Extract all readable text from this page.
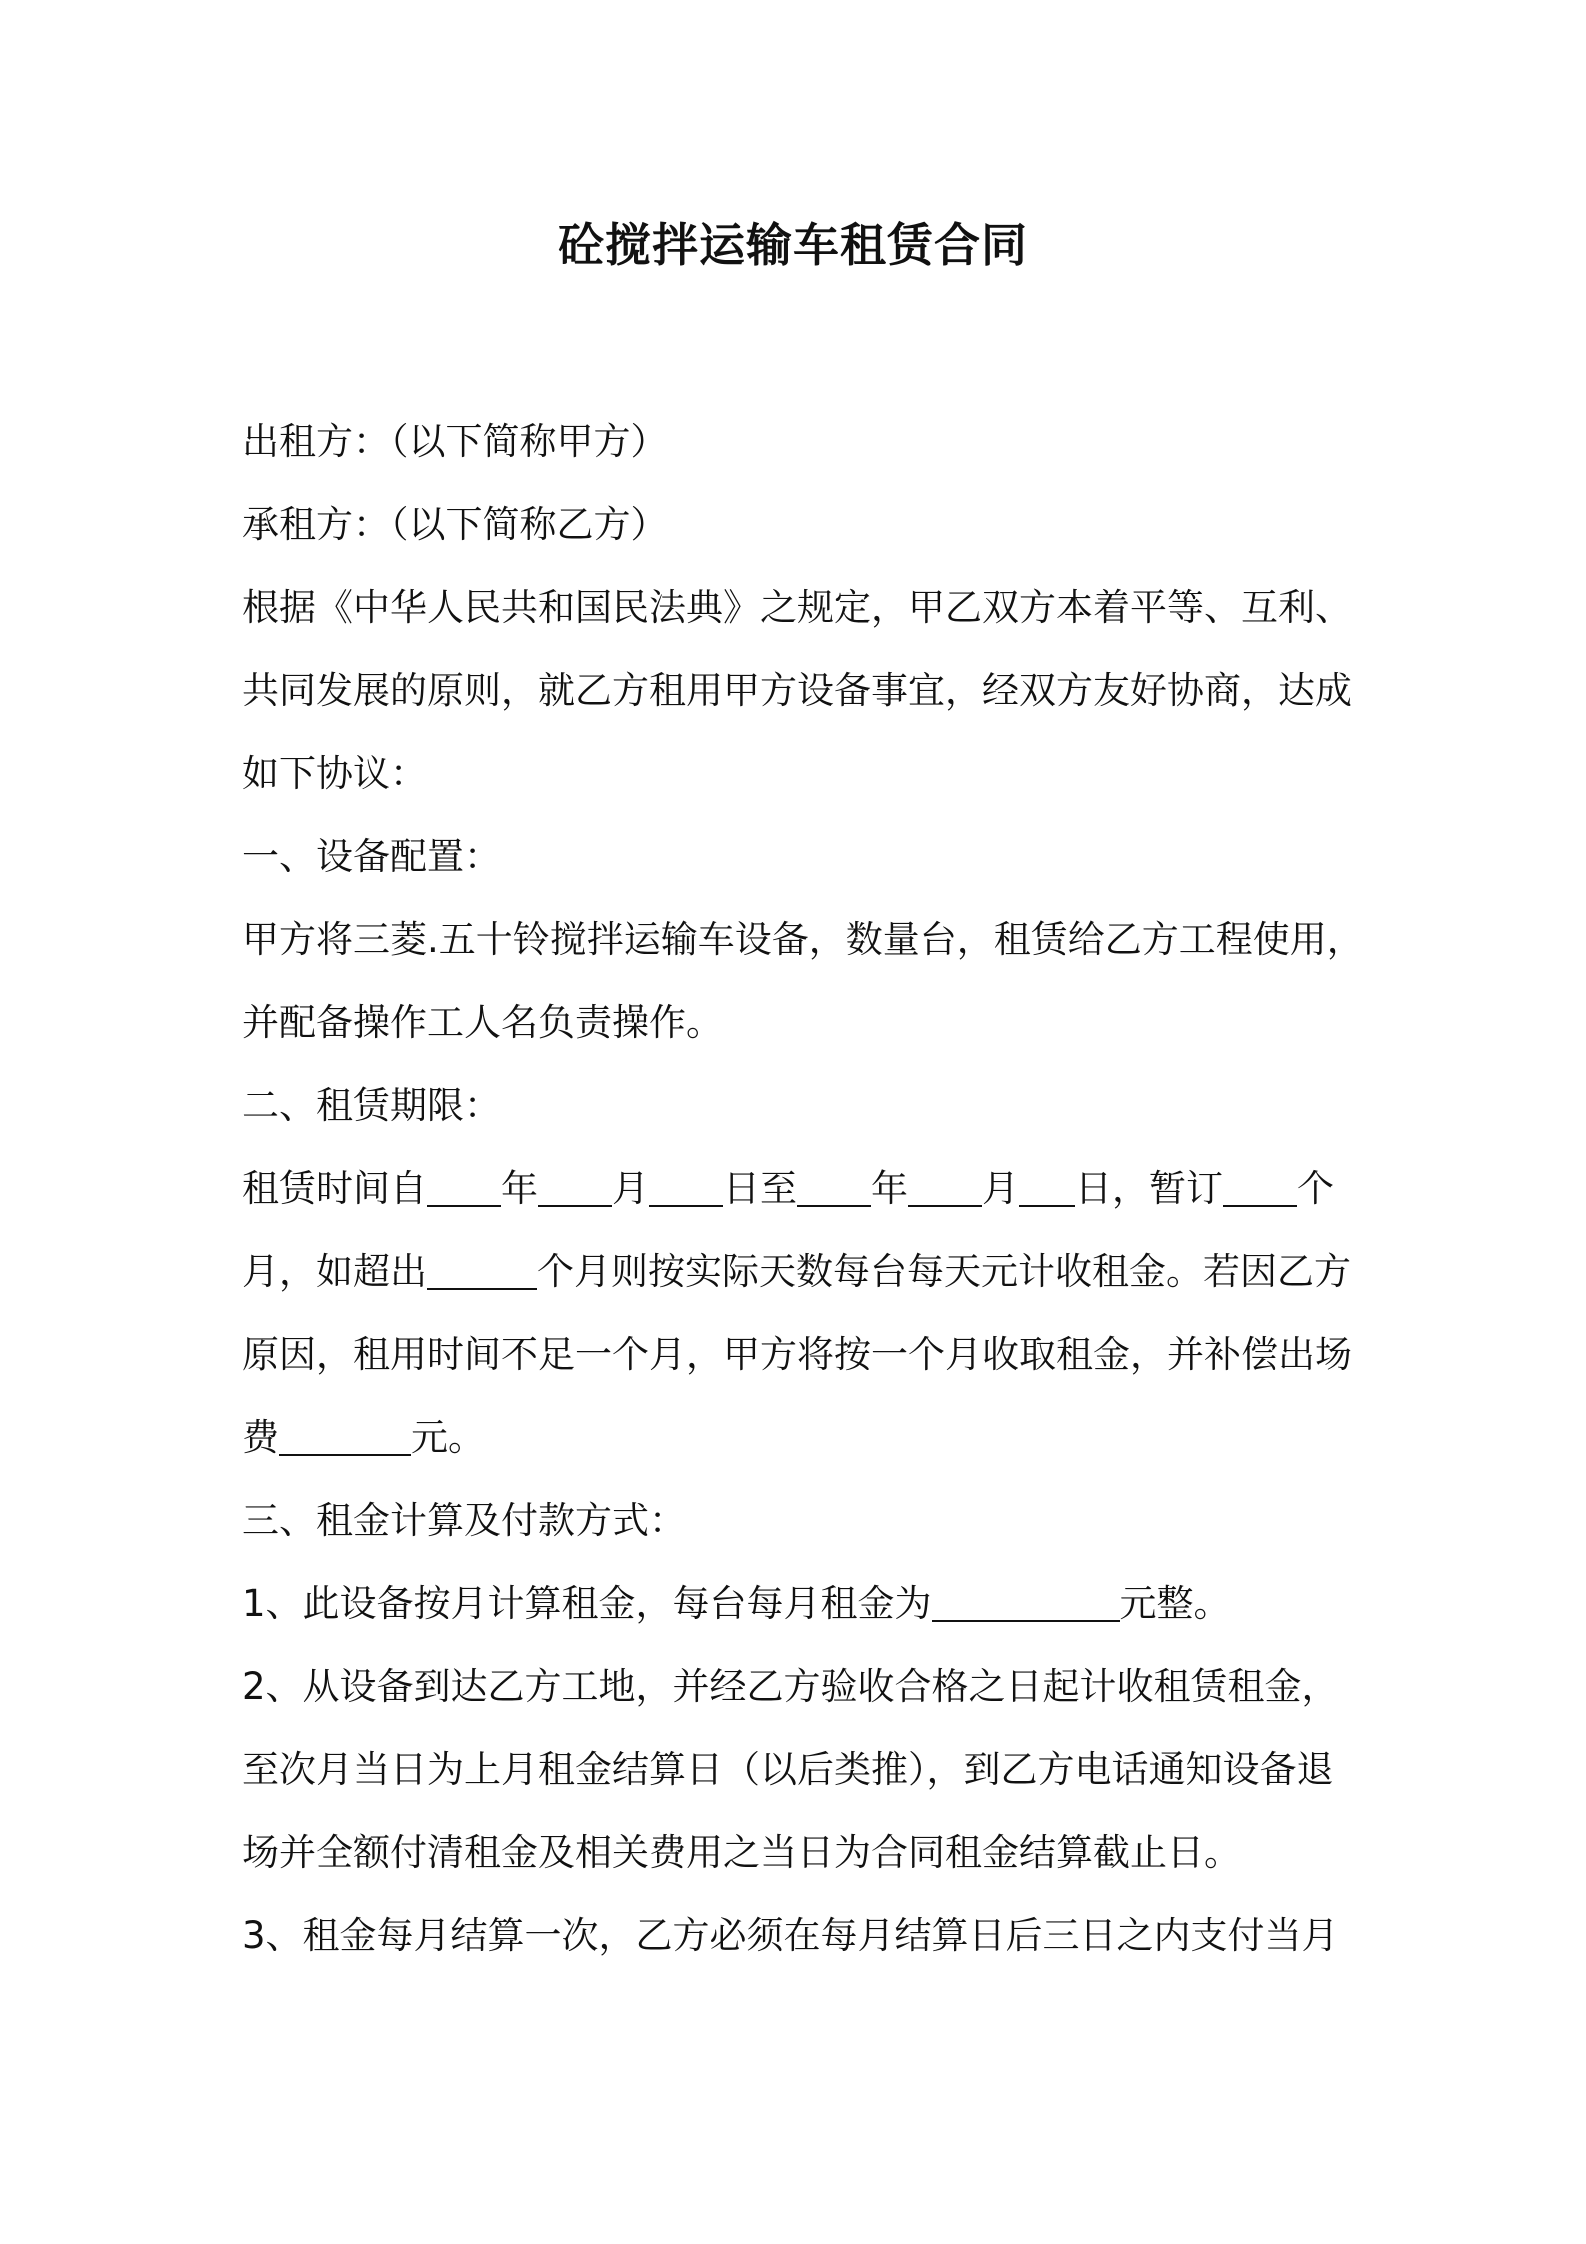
砼搅拌运输车租赁合同
出租方：（以下简称甲方）
承租方：（以下简称乙方）
根据《中华人民共和国民法典》之规定，甲乙双方本着平等、互利、
共同发展的原则，就乙方租用甲方设备事宜，经双方友好协商，达成
如下协议：
一、设备配置：
甲方将三菱.五十铃搅拌运输车设备，数量台，租赁给乙方工程使用，
并配备操作工人名负责操作。
二、租赁期限：
租赁时间自 年 月 日至 年 月 日，暂订 个
月，如超出	个月则按实际天数每台每天元计收租金。若因乙方
原因，租用时间不足一个月，甲方将按一个月收取租金，并补偿出场
费	元。
三、租金计算及付款方式：
1、此设备按月计算租金，每台每月租金为	元整。
2、从设备到达乙方工地，并经乙方验收合格之日起计收租赁租金，
至次月当日为上月租金结算日（以后类推），到乙方电话通知设备退
场并全额付清租金及相关费用之当日为合同租金结算截止日。
3、租金每月结算一次，乙方必须在每月结算日后三日之内支付当月
